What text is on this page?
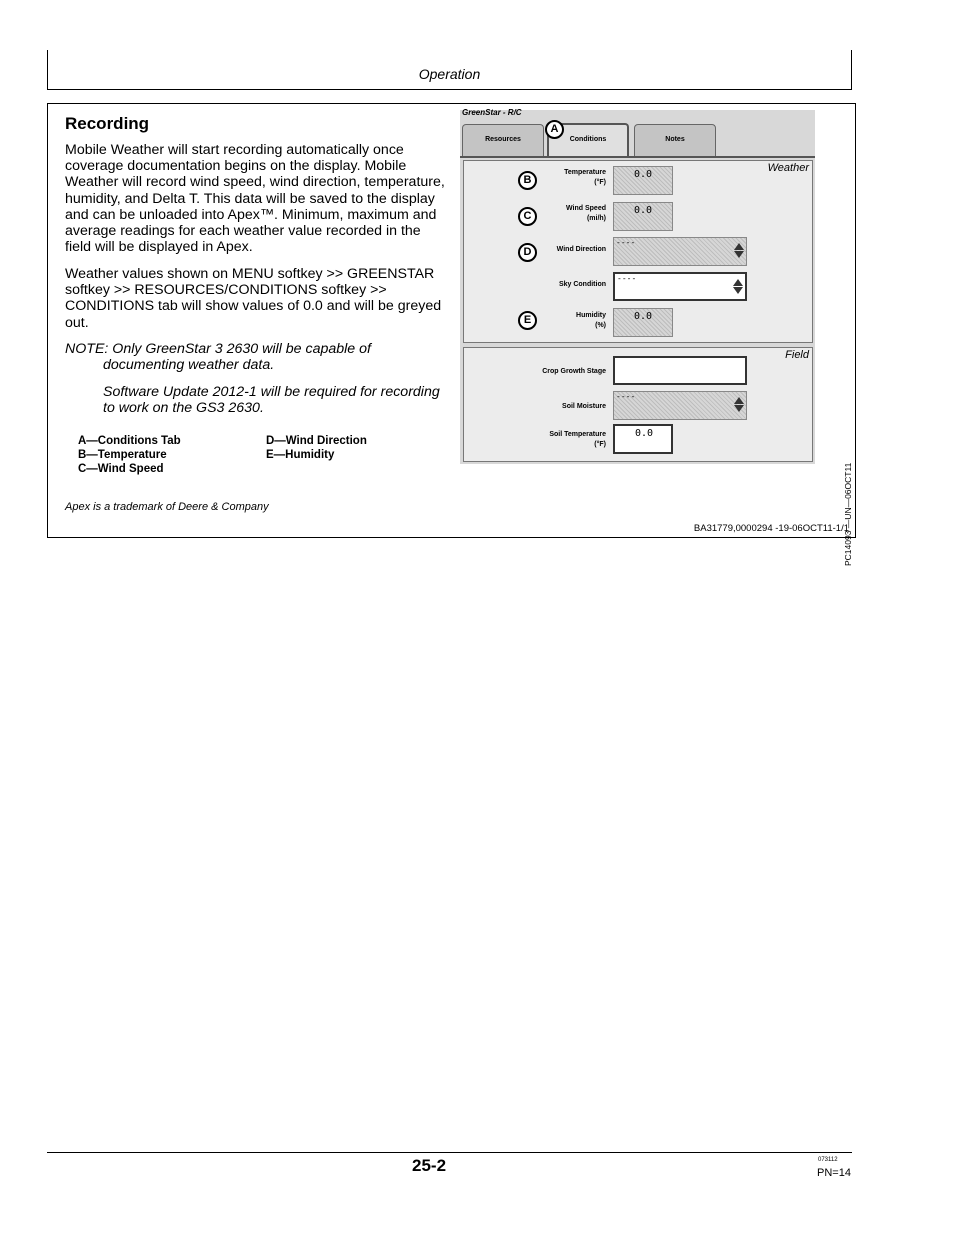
Operation
Recording
Mobile Weather will start recording automatically once coverage documentation begins on the display. Mobile Weather will record wind speed, wind direction, temperature, humidity, and Delta T. This data will be saved to the display and can be unloaded into Apex™. Minimum, maximum and average readings for each weather value recorded in the field will be displayed in Apex.
Weather values shown on MENU softkey >> GREENSTAR softkey >> RESOURCES/CONDITIONS softkey >> CONDITIONS tab will show values of 0.0 and will be greyed out.
NOTE: Only GreenStar 3 2630 will be capable of
documenting weather data.
Software Update 2012-1 will be required for recording to work on the GS3 2630.
A—Conditions Tab
B—Temperature
C—Wind Speed
D—Wind Direction
E—Humidity
Apex is a trademark of Deere & Company
BA31779,0000294 -19-06OCT11-1/1
PC14093 —UN—06OCT11
GreenStar - R/C
Resources	Conditions	Notes
Weather
Temperature
(°F)
0.0
Wind Speed
(mi/h)
0.0
Wind Direction
----
Sky Condition
----
Humidity
(%)
0.0
Field
Crop Growth Stage
Soil Moisture
----
Soil Temperature
(°F)
0.0
A
B
C
D
E
25-2	073112
PN=14
